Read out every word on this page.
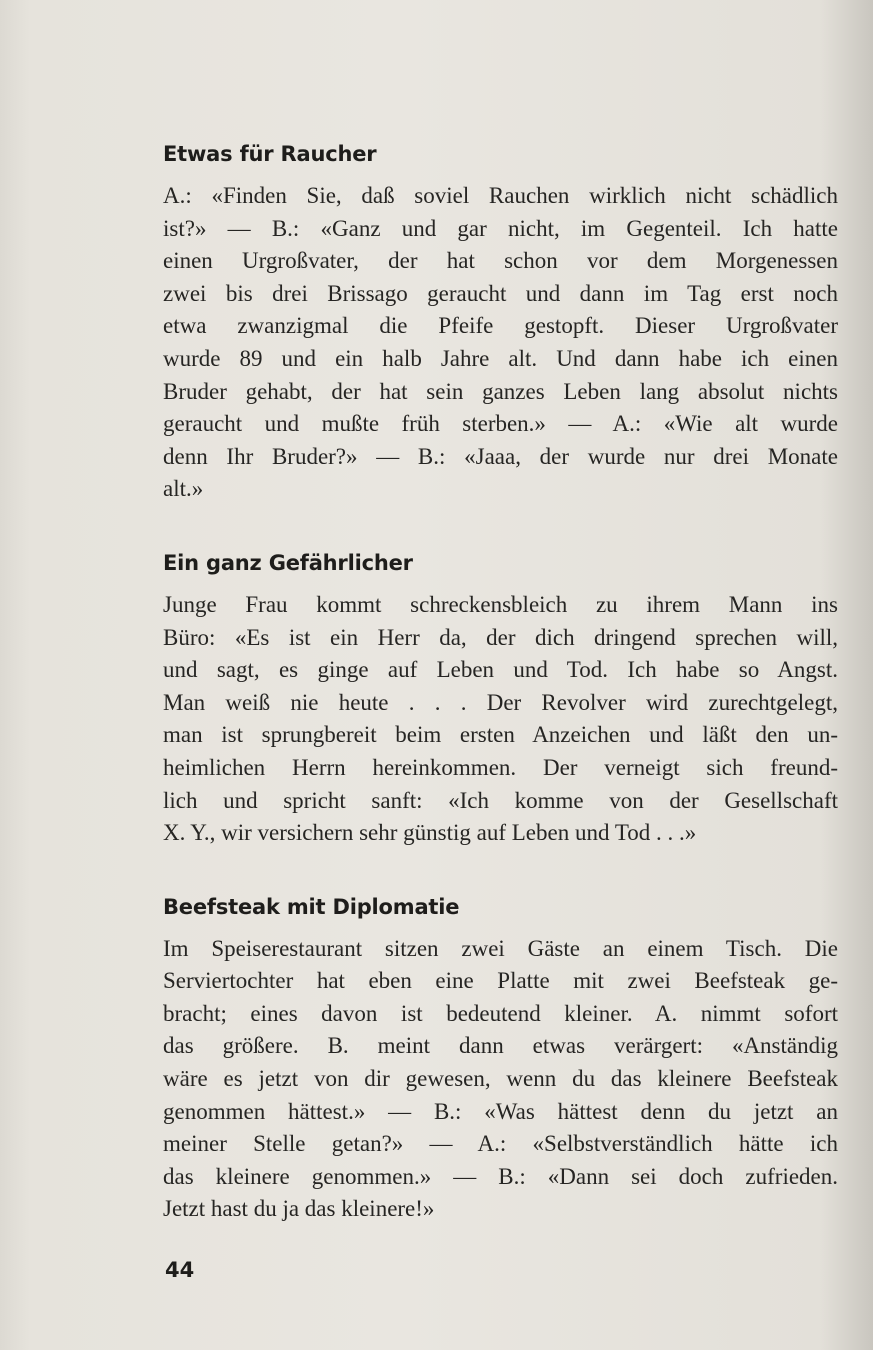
Etwas für Raucher

A.: «Finden Sie, daß soviel Rauchen wirklich nicht schädlich
ist?» — B.: «Ganz und gar nicht, im Gegenteil. Ich hatte
einen Urgroßvater, der hat schon vor dem Morgenessen
zwei bis drei Brissago geraucht und dann im Tag erst noch
etwa zwanzigmal die Pfeife gestopft. Dieser Urgroßvater
wurde 89 und ein halb Jahre alt. Und dann habe ich einen
Bruder gehabt, der hat sein ganzes Leben lang absolut nichts
geraucht und mußte früh sterben.» — A.: «Wie alt wurde
denn Ihr Bruder?» — B.: «Jaaa, der wurde nur drei Monate
alt.»

Ein ganz Gefährlicher

Junge Frau kommt schreckensbleich zu ihrem Mann ins
Büro: «Es ist ein Herr da, der dich dringend sprechen will,
und sagt, es ginge auf Leben und Tod. Ich habe so Angst.
Man weiß nie heute . . . Der Revolver wird zurechtgelegt,
man ist sprungbereit beim ersten Anzeichen und läßt den un-
heimlichen Herrn hereinkommen. Der verneigt sich freund-
lich und spricht sanft: «Ich komme von der Gesellschaft
X. Y., wir versichern sehr günstig auf Leben und Tod . . .»

Beefsteak mit Diplomatie

Im Speiserestaurant sitzen zwei Gäste an einem Tisch. Die
Serviertochter hat eben eine Platte mit zwei Beefsteak ge-
bracht; eines davon ist bedeutend kleiner. A. nimmt sofort
das größere. B. meint dann etwas verärgert: «Anständig
wäre es jetzt von dir gewesen, wenn du das kleinere Beefsteak
genommen hättest.» — B.: «Was hättest denn du jetzt an
meiner Stelle getan?» — A.: «Selbstverständlich hätte ich
das kleinere genommen.» — B.: «Dann sei doch zufrieden.
Jetzt hast du ja das kleinere!»

44
